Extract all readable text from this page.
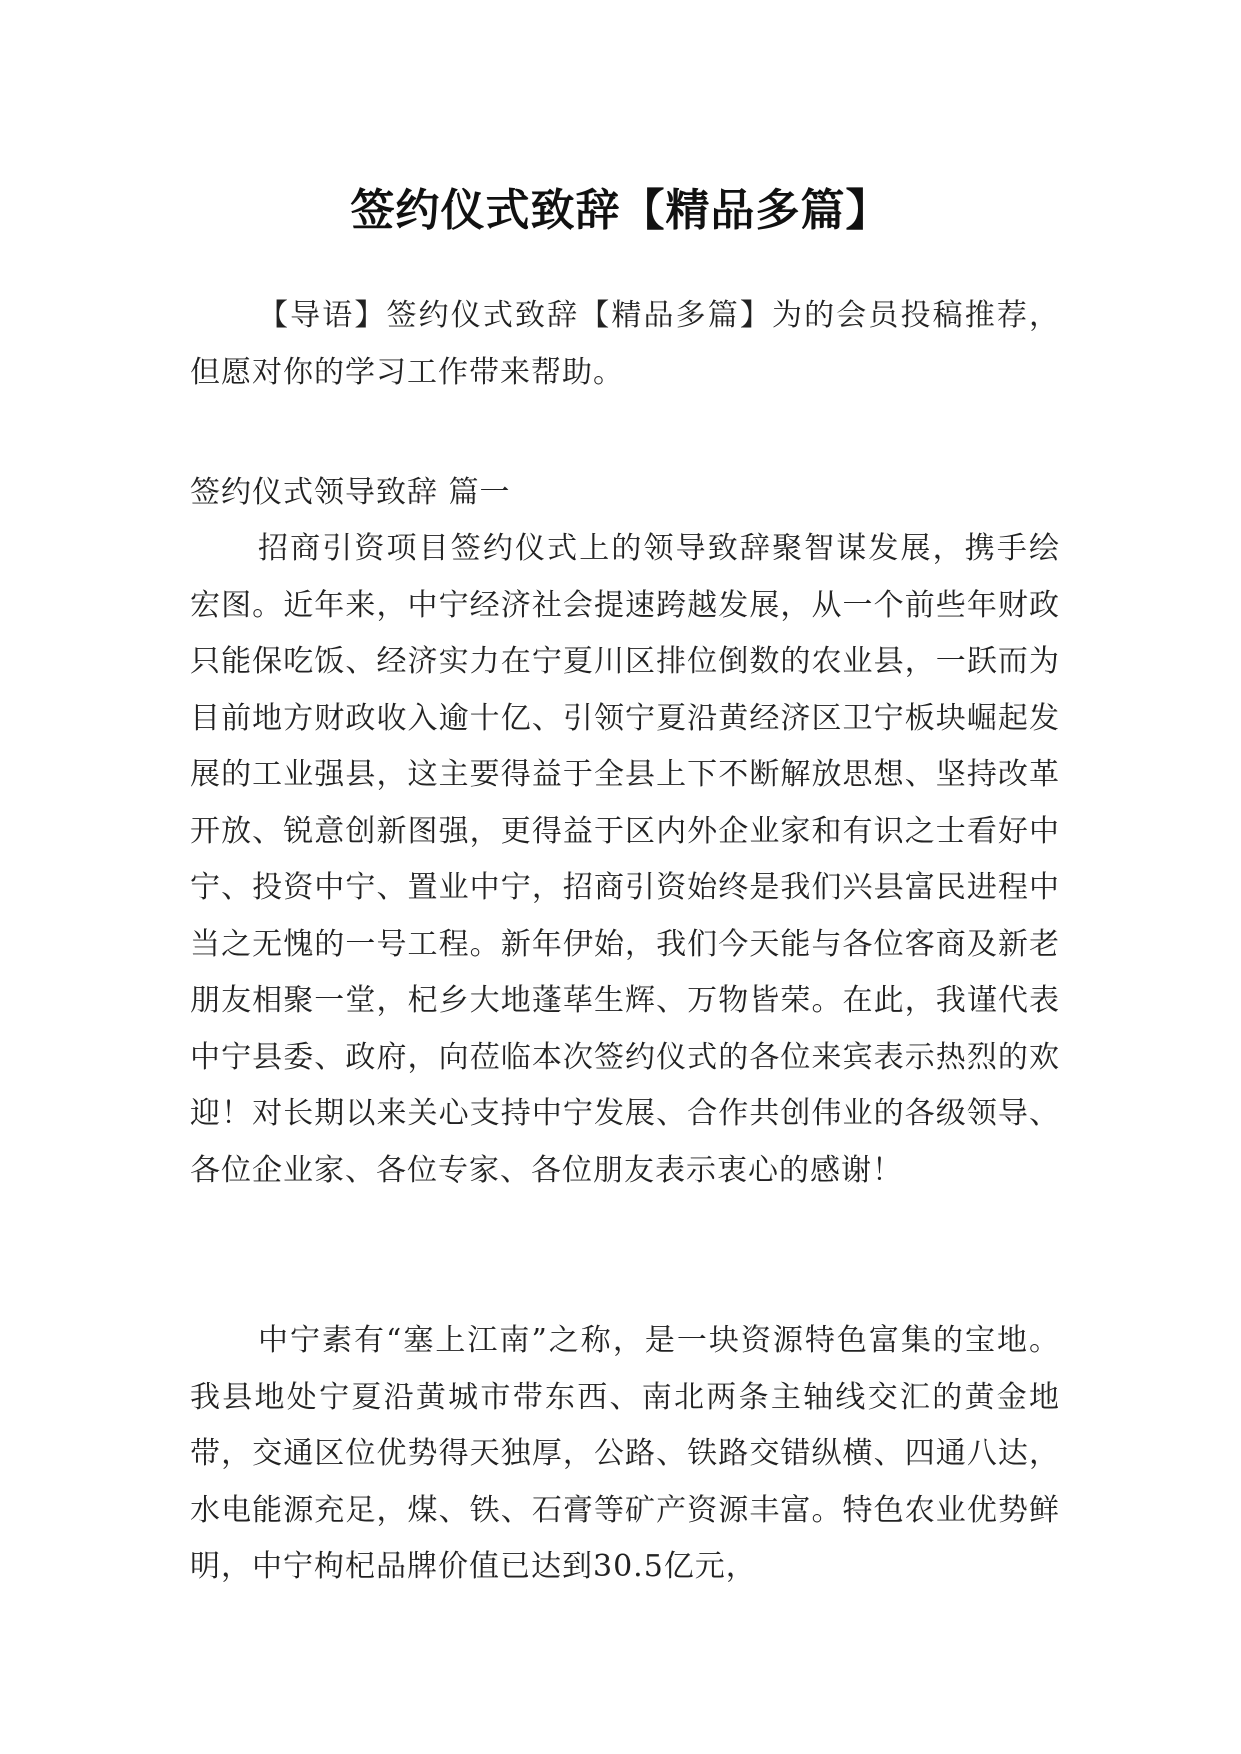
签约仪式致辞【精品多篇】

【导语】签约仪式致辞【精品多篇】为的会员投稿推荐，但愿对你的学习工作带来帮助。

签约仪式领导致辞 篇一

招商引资项目签约仪式上的领导致辞聚智谋发展，携手绘宏图。近年来，中宁经济社会提速跨越发展，从一个前些年财政只能保吃饭、经济实力在宁夏川区排位倒数的农业县，一跃而为目前地方财政收入逾十亿、引领宁夏沿黄经济区卫宁板块崛起发展的工业强县，这主要得益于全县上下不断解放思想、坚持改革开放、锐意创新图强，更得益于区内外企业家和有识之士看好中宁、投资中宁、置业中宁，招商引资始终是我们兴县富民进程中当之无愧的一号工程。新年伊始，我们今天能与各位客商及新老朋友相聚一堂，杞乡大地蓬荜生辉、万物皆荣。在此，我谨代表中宁县委、政府，向莅临本次签约仪式的各位来宾表示热烈的欢迎！对长期以来关心支持中宁发展、合作共创伟业的各级领导、各位企业家、各位专家、各位朋友表示衷心的感谢！

中宁素有“塞上江南”之称，是一块资源特色富集的宝地。我县地处宁夏沿黄城市带东西、南北两条主轴线交汇的黄金地带，交通区位优势得天独厚，公路、铁路交错纵横、四通八达，水电能源充足，煤、铁、石膏等矿产资源丰富。特色农业优势鲜明，中宁枸杞品牌价值已达到30.5亿元，
